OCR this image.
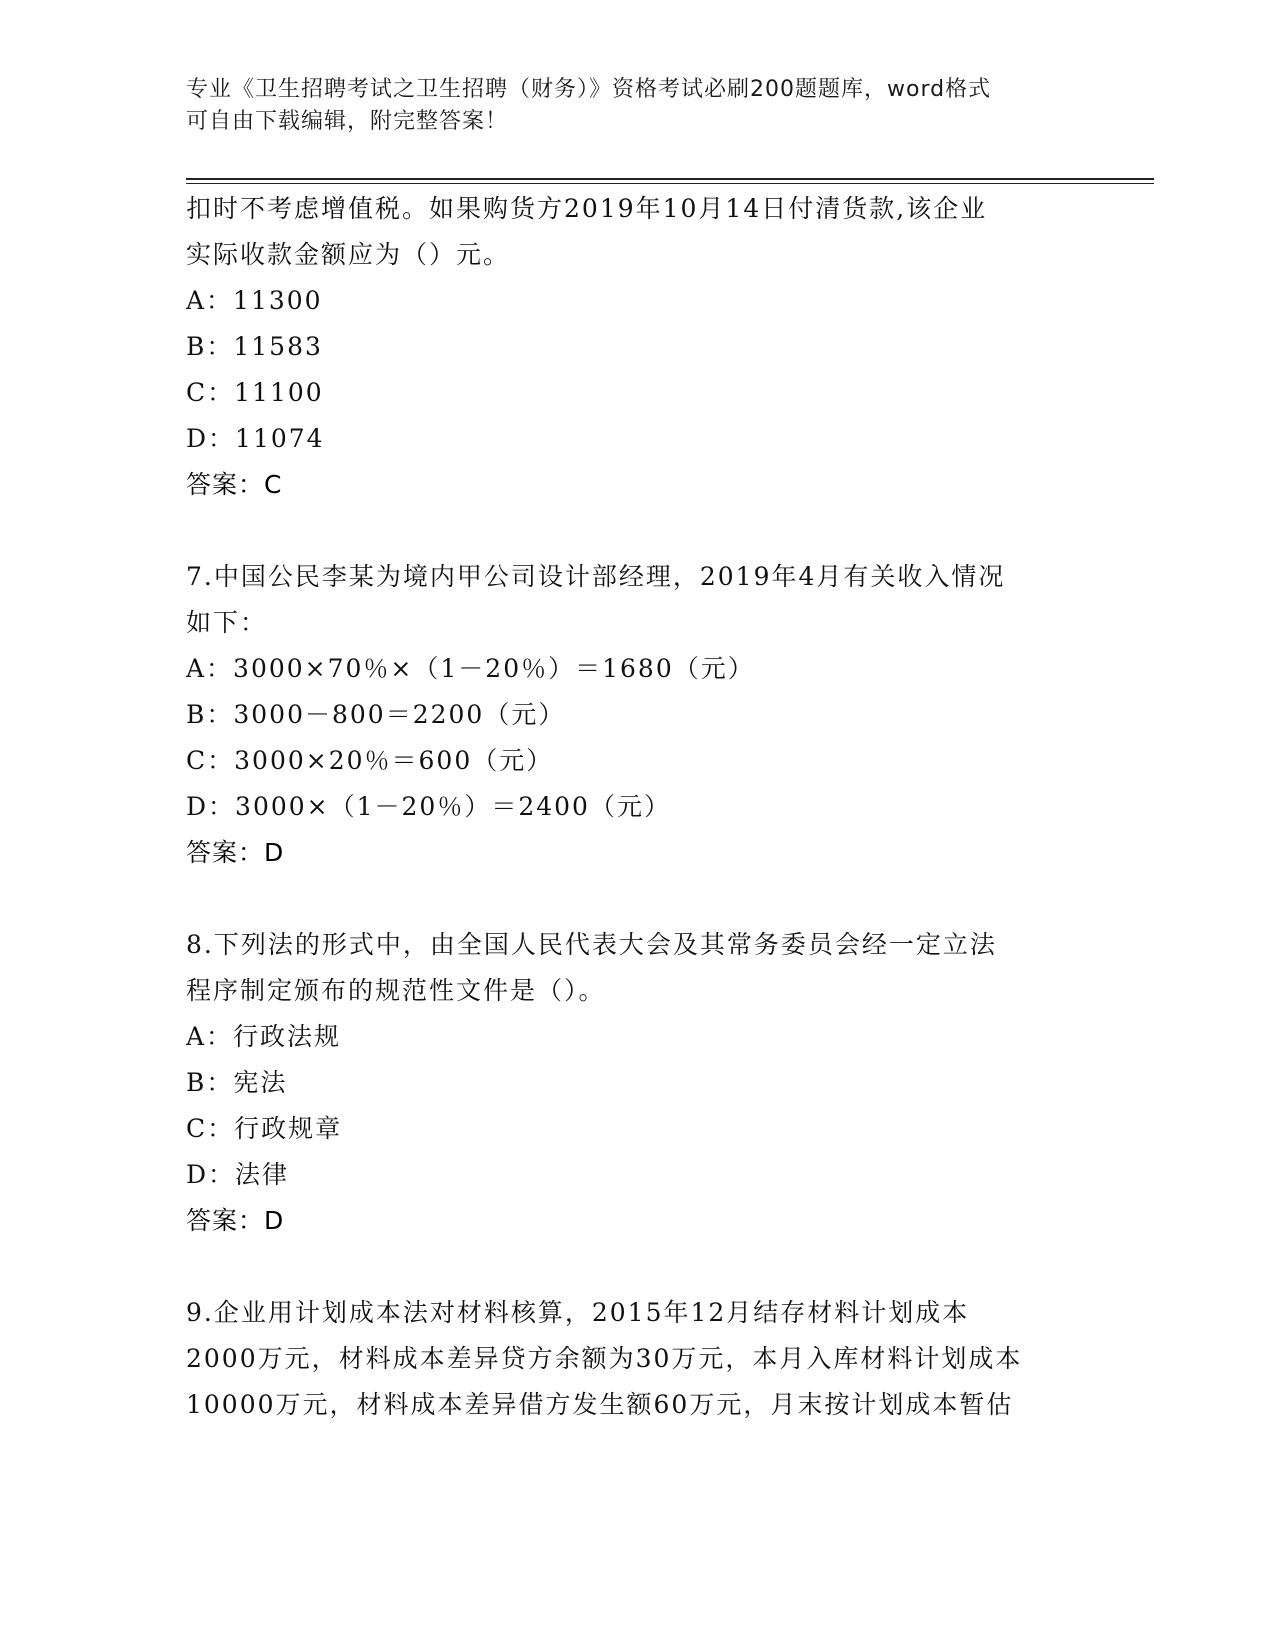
专业《卫生招聘考试之卫生招聘（财务）》资格考试必刷200题题库，word格式
可自由下载编辑，附完整答案！
扣时不考虑增值税。如果购货方2019年10月14日付清货款,该企业
实际收款金额应为（）元。
A：11300
B：11583
C：11100
D：11074
答案：C
7.中国公民李某为境内甲公司设计部经理，2019年4月有关收入情况
如下：
A：3000×70％×（1－20％）＝1680（元）
B：3000－800＝2200（元）
C：3000×20％＝600（元）
D：3000×（1－20％）＝2400（元）
答案：D
8.下列法的形式中，由全国人民代表大会及其常务委员会经一定立法
程序制定颁布的规范性文件是（）。
A：行政法规
B：宪法
C：行政规章
D：法律
答案：D
9.企业用计划成本法对材料核算，2015年12月结存材料计划成本
2000万元，材料成本差异贷方余额为30万元，本月入库材料计划成本
10000万元，材料成本差异借方发生额60万元，月末按计划成本暂估
